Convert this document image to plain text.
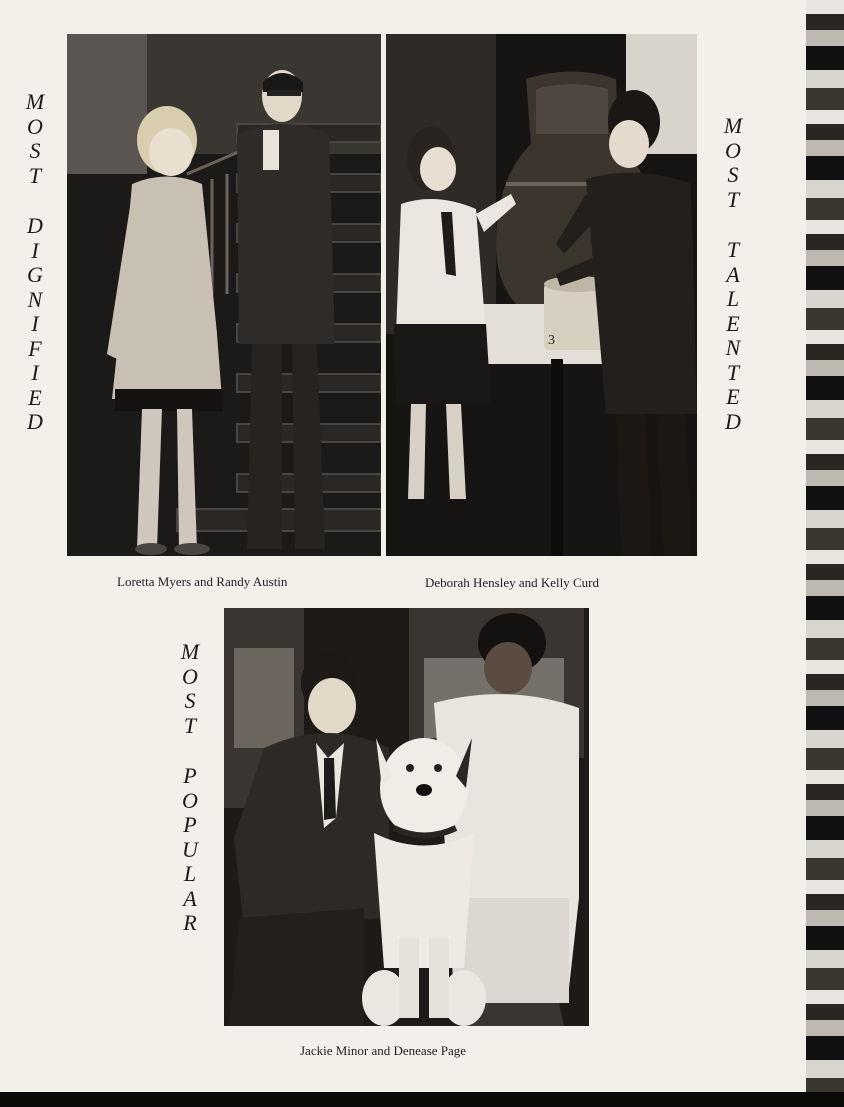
M
O
S
T
D
I
G
N
I
F
I
E
D
M
O
S
T
T
A
L
E
N
T
E
D
M
O
S
T
P
O
P
U
L
A
R
3
Loretta Myers and Randy Austin	Deborah Hensley and Kelly Curd
Jackie Minor and Denease Page
